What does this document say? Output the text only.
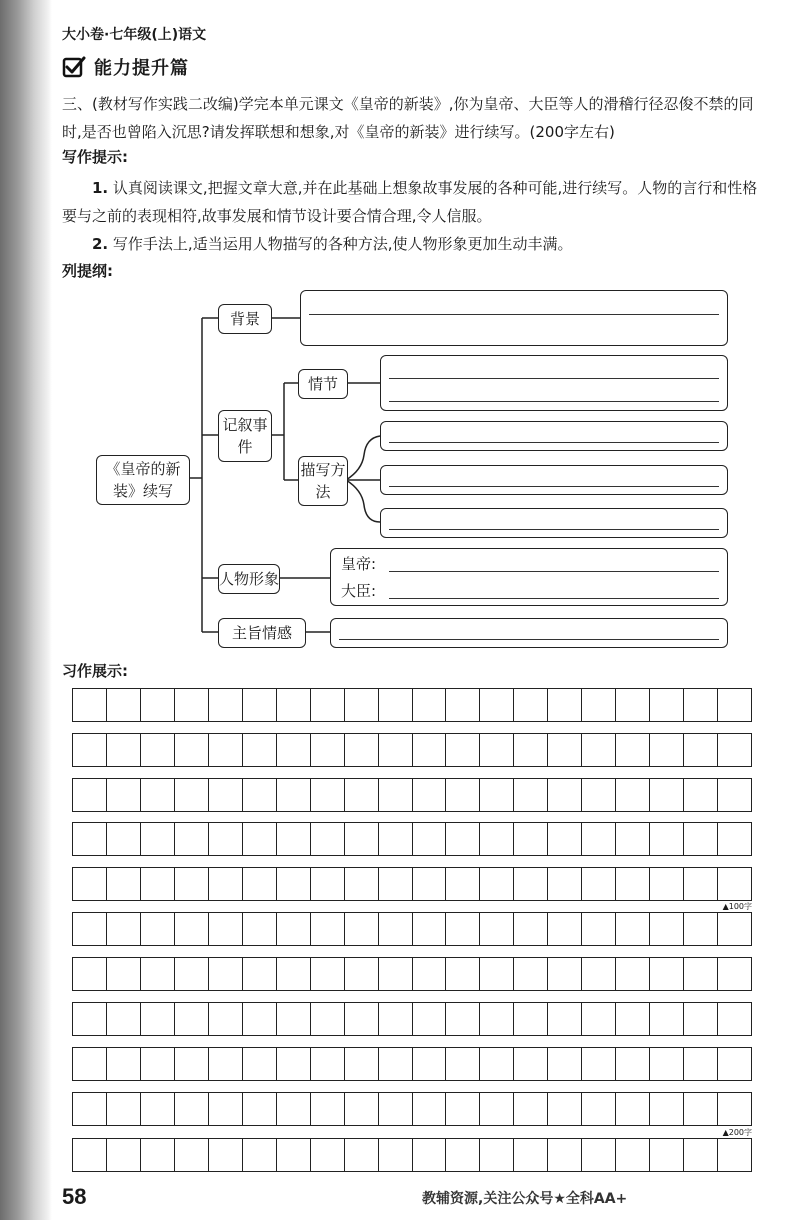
大小卷·七年级(上)语文
能力提升篇
三、(教材写作实践二改编)学完本单元课文《皇帝的新装》,你为皇帝、大臣等人的滑稽行径忍俊不禁的同时,是否也曾陷入沉思?请发挥联想和想象,对《皇帝的新装》进行续写。(200字左右)
写作提示:
1. 认真阅读课文,把握文章大意,并在此基础上想象故事发展的各种可能,进行续写。人物的言行和性格要与之前的表现相符,故事发展和情节设计要合情合理,令人信服。
2. 写作手法上,适当运用人物描写的各种方法,使人物形象更加生动丰满。
列提纲:
《皇帝的新装》续写
背景
记叙事件
情节
描写方法
人物形象
主旨情感
皇帝:
大臣:
习作展示:
▲100字
▲200字
58	教辅资源,关注公众号★全科AA+
